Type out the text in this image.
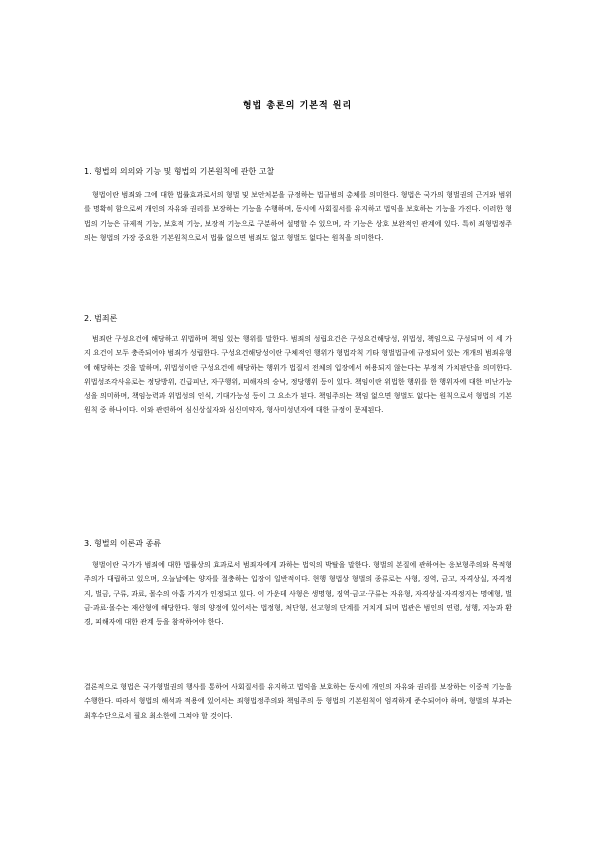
형법 총론의 기본적 원리
1. 형법의 의의와 기능 및 형법의 기본원칙에 관한 고찰

형법이란 범죄와 그에 대한 법률효과로서의 형벌 및 보안처분을 규정하는 법규범의 총체를 의미한다. 형법은 국가의 형벌권의 근거와 범위를 명확히 함으로써 개인의 자유와 권리를 보장하는 기능을 수행하며, 동시에 사회질서를 유지하고 법익을 보호하는 기능을 가진다. 이러한 형법의 기능은 규제적 기능, 보호적 기능, 보장적 기능으로 구분하여 설명할 수 있으며, 각 기능은 상호 보완적인 관계에 있다. 특히 죄형법정주의는 형법의 가장 중요한 기본원칙으로서 법률 없으면 범죄도 없고 형벌도 없다는 원칙을 의미한다.

2. 범죄론

범죄란 구성요건에 해당하고 위법하며 책임 있는 행위를 말한다. 범죄의 성립요건은 구성요건해당성, 위법성, 책임으로 구성되며 이 세 가지 요건이 모두 충족되어야 범죄가 성립한다. 구성요건해당성이란 구체적인 행위가 형법각칙 기타 형벌법규에 규정되어 있는 개개의 범죄유형에 해당하는 것을 말하며, 위법성이란 구성요건에 해당하는 행위가 법질서 전체의 입장에서 허용되지 않는다는 부정적 가치판단을 의미한다. 위법성조각사유로는 정당방위, 긴급피난, 자구행위, 피해자의 승낙, 정당행위 등이 있다. 책임이란 위법한 행위를 한 행위자에 대한 비난가능성을 의미하며, 책임능력과 위법성의 인식, 기대가능성 등이 그 요소가 된다. 책임주의는 책임 없으면 형벌도 없다는 원칙으로서 형법의 기본원칙 중 하나이다. 이와 관련하여 심신상실자와 심신미약자, 형사미성년자에 대한 규정이 문제된다.

3. 형벌의 이론과 종류

형벌이란 국가가 범죄에 대한 법률상의 효과로서 범죄자에게 과하는 법익의 박탈을 말한다. 형벌의 본질에 관하여는 응보형주의와 목적형주의가 대립하고 있으며, 오늘날에는 양자를 절충하는 입장이 일반적이다. 현행 형법상 형벌의 종류로는 사형, 징역, 금고, 자격상실, 자격정지, 벌금, 구류, 과료, 몰수의 아홉 가지가 인정되고 있다. 이 가운데 사형은 생명형, 징역·금고·구류는 자유형, 자격상실·자격정지는 명예형, 벌금·과료·몰수는 재산형에 해당한다. 형의 양정에 있어서는 법정형, 처단형, 선고형의 단계를 거치게 되며 법관은 범인의 연령, 성행, 지능과 환경, 피해자에 대한 관계 등을 참작하여야 한다.

결론적으로 형법은 국가형벌권의 행사를 통하여 사회질서를 유지하고 법익을 보호하는 동시에 개인의 자유와 권리를 보장하는 이중적 기능을 수행한다. 따라서 형법의 해석과 적용에 있어서는 죄형법정주의와 책임주의 등 형법의 기본원칙이 엄격하게 준수되어야 하며, 형벌의 부과는 최후수단으로서 필요 최소한에 그쳐야 할 것이다.
